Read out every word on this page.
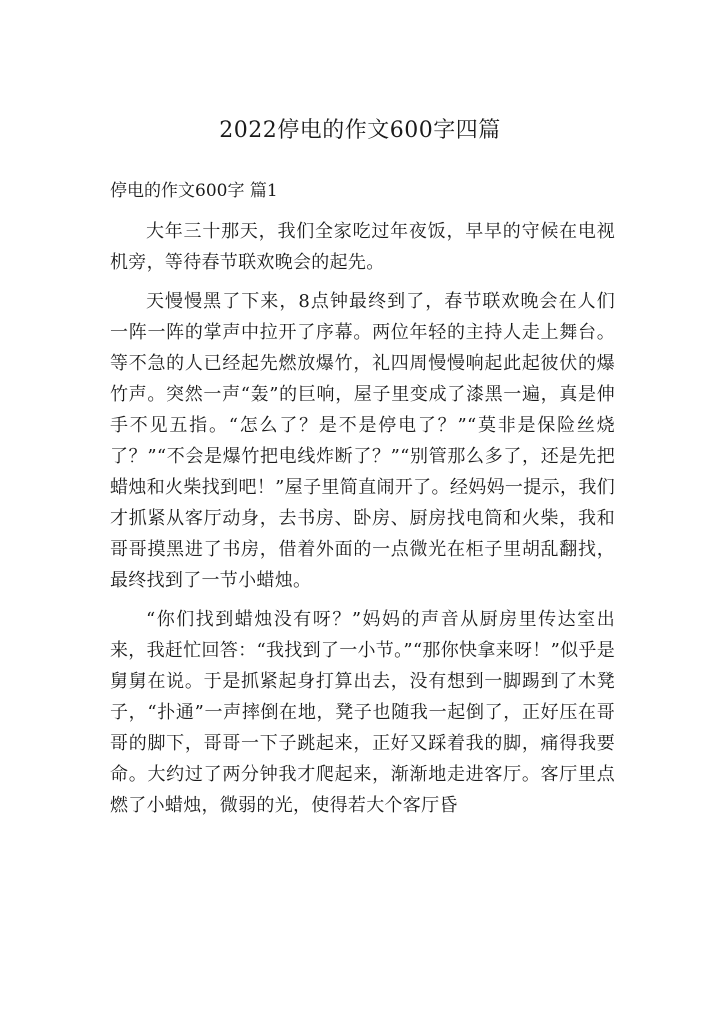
2022停电的作文600字四篇
停电的作文600字 篇1

大年三十那天，我们全家吃过年夜饭，早早的守候在电视机旁，等待春节联欢晚会的起先。

天慢慢黑了下来，8点钟最终到了，春节联欢晚会在人们一阵一阵的掌声中拉开了序幕。两位年轻的主持人走上舞台。等不急的人已经起先燃放爆竹，礼四周慢慢响起此起彼伏的爆竹声。突然一声“轰”的巨响，屋子里变成了漆黑一遍，真是伸手不见五指。“怎么了？是不是停电了？”“莫非是保险丝烧了？”“不会是爆竹把电线炸断了？”“别管那么多了，还是先把蜡烛和火柴找到吧！”屋子里简直闹开了。经妈妈一提示，我们才抓紧从客厅动身，去书房、卧房、厨房找电筒和火柴，我和哥哥摸黑进了书房，借着外面的一点微光在柜子里胡乱翻找，最终找到了一节小蜡烛。

“你们找到蜡烛没有呀？”妈妈的声音从厨房里传达室出来，我赶忙回答：“我找到了一小节。”“那你快拿来呀！”似乎是舅舅在说。于是抓紧起身打算出去，没有想到一脚踢到了木凳子，“扑通”一声摔倒在地，凳子也随我一起倒了，正好压在哥哥的脚下，哥哥一下子跳起来，正好又踩着我的脚，痛得我要命。大约过了两分钟我才爬起来，渐渐地走进客厅。客厅里点燃了小蜡烛，微弱的光，使得若大个客厅昏
